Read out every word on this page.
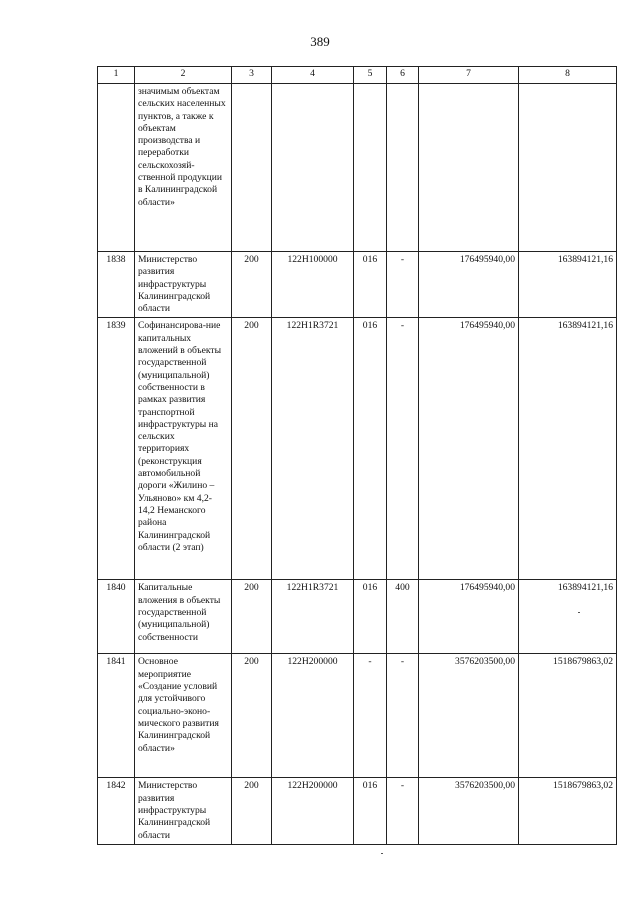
389
1	2	3	4	5	6	7	8
	значимым объектам сельских населенных пунктов, а также к объектам производства и переработки сельскохозяй-ственной продукции в Калининградской области»						
1838	Министерство развития инфраструктуры Калининградской области	200	122H100000	016	-	176495940,00	163894121,16
1839	Софинансирова-ние капитальных вложений в объекты государственной (муниципальной) собственности в рамках развития транспортной инфраструктуры на сельских территориях (реконструкция автомобильной дороги «Жилино – Ульяново» км 4,2-14,2 Неманского района Калининградской области (2 этап)	200	122H1R3721	016	-	176495940,00	163894121,16
1840	Капитальные вложения в объекты государственной (муниципальной) собственности	200	122H1R3721	016	400	176495940,00	163894121,16
1841	Основное мероприятие «Создание условий для устойчивого социально-эконо-мического развития Калининградской области»	200	122H200000	-	-	3576203500,00	1518679863,02
1842	Министерство развития инфраструктуры Калининградской области	200	122H200000	016	-	3576203500,00	1518679863,02
